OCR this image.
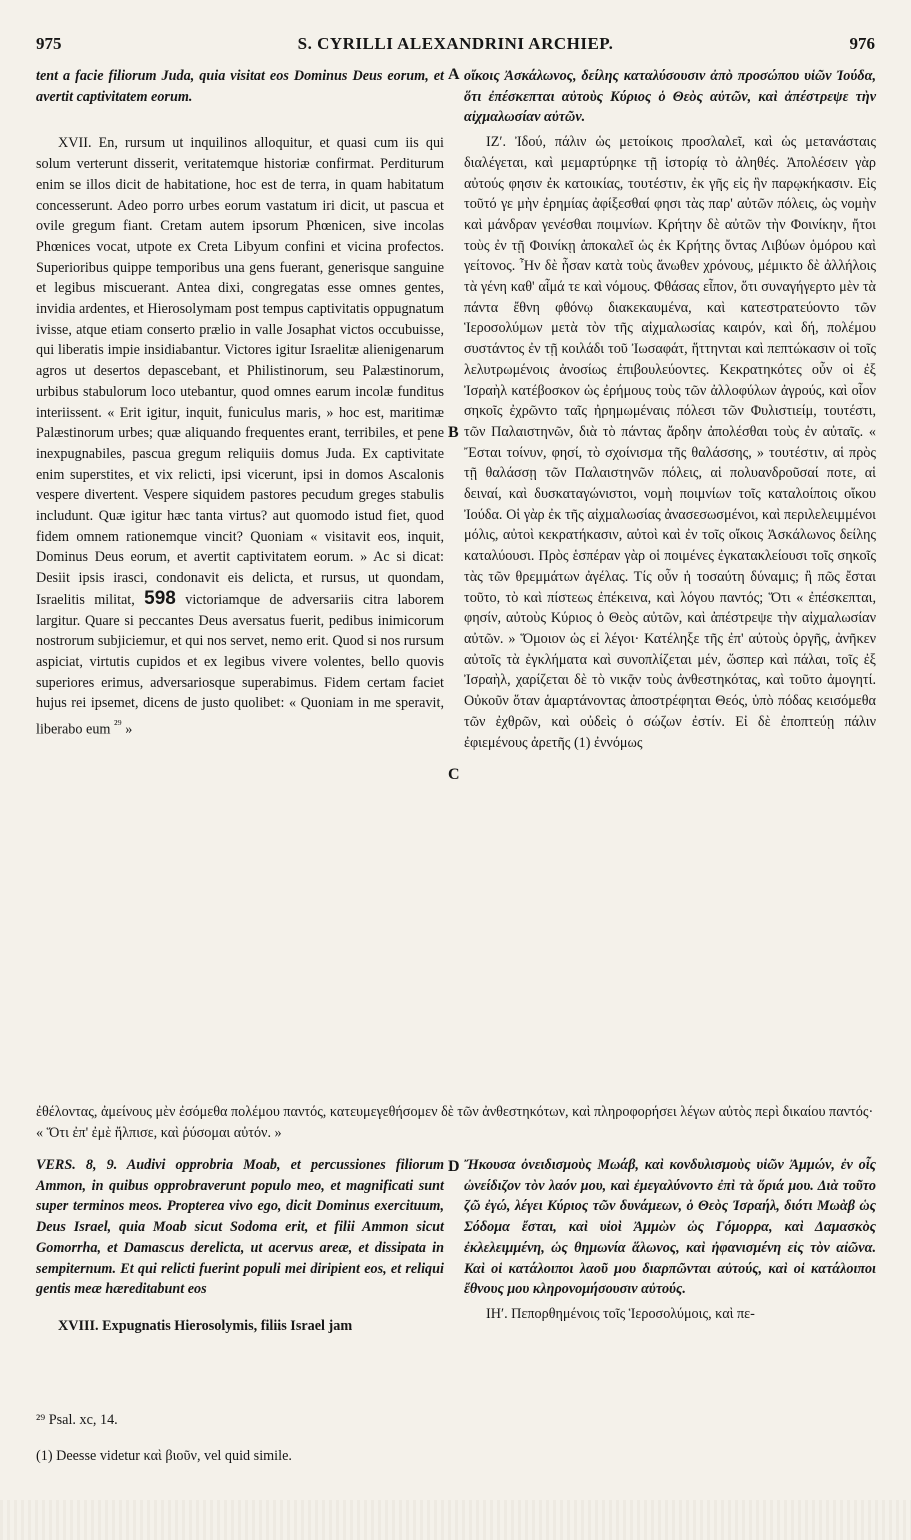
975	S. CYRILLI ALEXANDRINI ARCHIEP.	976

tent a facie filiorum Juda, quia visitat eos Dominus Deus eorum, et avertit captivitatem eorum.

XVII. En, rursum ut inquilinos alloquitur, et quasi cum iis qui solum verterunt disserit, veritatemque historiæ confirmat. Perditurum enim se illos dicit de habitatione, hoc est de terra, in quam habitatum concesserunt. Adeo porro urbes eorum vastatum iri dicit, ut pascua et ovile gregum fiant. Cretam autem ipsorum Phœnicen, sive incolas Phœnices vocat, utpote ex Creta Libyum confini et vicina profectos. Superioribus quippe temporibus una gens fuerant, generisque sanguine et legibus miscuerant. Antea dixi, congregatas esse omnes gentes, invidia ardentes, et Hierosolymam post tempus captivitatis oppugnatum ivisse, atque etiam conserto prælio in valle Josaphat victos occubuisse, qui liberatis impie insidiabantur. Victores igitur Israelitæ alienigenarum agros ut desertos depascebant, et Philistinorum, seu Palæstinorum, urbibus stabulorum loco utebantur, quod omnes earum incolæ funditus interiissent. « Erit igitur, inquit, funiculus maris, » hoc est, maritimæ Palæstinorum urbes; quæ aliquando frequentes erant, terribiles, et pene inexpugnabiles, pascua gregum reliquiis domus Juda. Ex captivitate enim superstites, et vix relicti, ipsi vicerunt, ipsi in domos Ascalonis vespere divertent. Vespere siquidem pastores pecudum greges stabulis includunt. Quæ igitur hæc tanta virtus? aut quomodo istud fiet, quod fidem omnem rationemque vincit? Quoniam « visitavit eos, inquit, Dominus Deus eorum, et avertit captivitatem eorum. » Ac si dicat: Desiit ipsis irasci, condonavit eis delicta, et rursus, ut quondam, Israelitis militat, 598 victoriamque de adversariis citra laborem largitur. Quare si peccantes Deus aversatus fuerit, pedibus inimicorum nostrorum subjiciemur, et qui nos servet, nemo erit. Quod si nos rursum aspiciat, virtutis cupidos et ex legibus vivere volentes, bello quovis superiores erimus, adversariosque superabimus. Fidem certam faciet hujus rei ipsemet, dicens de justo quolibet: « Quoniam in me speravit, liberabo eum $^{^{29}}$ »

οἴκοις Ἀσκάλωνος, δείλης καταλύσουσιν ἀπὸ προσώπου υἱῶν Ἰούδα, ὅτι ἐπέσκεπται αὐτοὺς Κύριος ὁ Θεὸς αὐτῶν, καὶ ἀπέστρεψε τὴν αἰχμαλωσίαν αὐτῶν.

ΙΖʹ. Ἰδού, πάλιν ὡς μετοίκοις προσλαλεῖ, καὶ ὡς μετανάσταις διαλέγεται, καὶ μεμαρτύρηκε τῇ ἱστορίᾳ τὸ ἀληθές. Ἀπολέσειν γὰρ αὐτούς φησιν ἐκ κατοικίας, τουτέστιν, ἐκ γῆς εἰς ἣν παρῳκήκασιν. Εἰς τοῦτό γε μὴν ἐρημίας ἀφίξεσθαί φησι τὰς παρ' αὐτῶν πόλεις, ὡς νομὴν καὶ μάνδραν γενέσθαι ποιμνίων. Κρήτην δὲ αὐτῶν τὴν Φοινίκην, ἤτοι τοὺς ἐν τῇ Φοινίκῃ ἀποκαλεῖ ὡς ἐκ Κρήτης ὄντας Λιβύων ὁμόρου καὶ γείτονος. Ἦν δὲ ἦσαν κατὰ τοὺς ἄνωθεν χρόνους, μέμικτο δὲ ἀλλήλοις τὰ γένη καθ' αἷμά τε καὶ νόμους. Φθάσας εἶπον, ὅτι συναγήγερτο μὲν τὰ πάντα ἔθνη φθόνῳ διακεκαυμένα, καὶ κατεστρατεύοντο τῶν Ἱεροσολύμων μετὰ τὸν τῆς αἰχμαλωσίας καιρόν, καὶ δή, πολέμου συστάντος ἐν τῇ κοιλάδι τοῦ Ἰωσαφάτ, ἥττηνται καὶ πεπτώκασιν οἱ τοῖς λελυτρωμένοις ἀνοσίως ἐπιβουλεύοντες. Κεκρατηκότες οὖν οἱ ἐξ Ἰσραὴλ κατέβοσκον ὡς ἐρήμους τοὺς τῶν ἀλλοφύλων ἀγρούς, καὶ οἷον σηκοῖς ἐχρῶντο ταῖς ἠρημωμέναις πόλεσι τῶν Φυλιστιείμ, τουτέστι, τῶν Παλαιστηνῶν, διὰ τὸ πάντας ἄρδην ἀπολέσθαι τοὺς ἐν αὐταῖς. « Ἔσται τοίνυν, φησί, τὸ σχοίνισμα τῆς θαλάσσης, » τουτέστιν, αἱ πρὸς τῇ θαλάσσῃ τῶν Παλαιστηνῶν πόλεις, αἱ πολυανδροῦσαί ποτε, αἱ δειναί, καὶ δυσκαταγώνιστοι, νομὴ ποιμνίων τοῖς καταλοίποις οἴκου Ἰούδα. Οἱ γὰρ ἐκ τῆς αἰχμαλωσίας ἀνασεσωσμένοι, καὶ περιλελειμμένοι μόλις, αὐτοὶ κεκρατήκασιν, αὐτοὶ καὶ ἐν τοῖς οἴκοις Ἀσκάλωνος δείλης καταλύουσι. Πρὸς ἑσπέραν γὰρ οἱ ποιμένες ἐγκατακλείουσι τοῖς σηκοῖς τὰς τῶν θρεμμάτων ἀγέλας. Τίς οὖν ἡ τοσαύτη δύναμις; ἢ πῶς ἔσται τοῦτο, τὸ καὶ πίστεως ἐπέκεινα, καὶ λόγου παντός; Ὅτι « ἐπέσκεπται, φησίν, αὐτοὺς Κύριος ὁ Θεὸς αὐτῶν, καὶ ἀπέστρεψε τὴν αἰχμαλωσίαν αὐτῶν. » Ὅμοιον ὡς εἰ λέγοι· Κατέληξε τῆς ἐπ' αὐτοὺς ὀργῆς, ἀνῆκεν αὐτοῖς τὰ ἐγκλήματα καὶ συνοπλίζεται μέν, ὥσπερ καὶ πάλαι, τοῖς ἐξ Ἰσραὴλ, χαρίζεται δὲ τὸ νικᾷν τοὺς ἀνθεστηκότας, καὶ τοῦτο ἀμογητί. Οὐκοῦν ὅταν ἁμαρτάνοντας ἀποστρέφηται Θεός, ὑπὸ πόδας κεισόμεθα τῶν ἐχθρῶν, καὶ οὐδεὶς ὁ σώζων ἐστίν. Εἰ δὲ ἐποπτεύῃ πάλιν ἐφιεμένους ἀρετῆς (1) ἐννόμως

ἐθέλοντας, ἀμείνους μὲν ἐσόμεθα πολέμου παντός, κατευμεγεθήσομεν δὲ τῶν ἀνθεστηκότων, καὶ πληροφορήσει λέγων αὐτὸς περὶ δικαίου παντός· « Ὅτι ἐπ' ἐμὲ ἤλπισε, καὶ ῥύσομαι αὐτόν. »

VERS. 8, 9. Audivi opprobria Moab, et percussiones filiorum Ammon, in quibus opprobraverunt populo meo, et magnificati sunt super terminos meos. Propterea vivo ego, dicit Dominus exercituum, Deus Israel, quia Moab sicut Sodoma erit, et filii Ammon sicut Gomorrha, et Damascus derelicta, ut acervus areæ, et dissipata in sempiternum. Et qui relicti fuerint populi mei diripient eos, et reliqui gentis meæ hæreditabunt eos

XVIII. Expugnatis Hierosolymis, filiis Israel jam

Ἤκουσα ὀνειδισμοὺς Μωάβ, καὶ κονδυλισμοὺς υἱῶν Ἀμμών, ἐν οἷς ὠνείδιζον τὸν λαόν μου, καὶ ἐμεγαλύνοντο ἐπὶ τὰ ὅριά μου. Διὰ τοῦτο ζῶ ἐγώ, λέγει Κύριος τῶν δυνάμεων, ὁ Θεὸς Ἰσραήλ, διότι Μωὰβ ὡς Σόδομα ἔσται, καὶ υἱοὶ Ἀμμὼν ὡς Γόμορρα, καὶ Δαμασκὸς ἐκλελειμμένη, ὡς θημωνία ἅλωνος, καὶ ἠφανισμένη εἰς τὸν αἰῶνα. Καὶ οἱ κατάλοιποι λαοῦ μου διαρπῶνται αὐτούς, καὶ οἱ κατάλοιποι ἔθνους μου κληρονομήσουσιν αὐτούς.

ΙΗʹ. Πεπορθημένοις τοῖς Ἱεροσολύμοις, καὶ πε-

²⁹ Psal. xc, 14.
(1) Deesse videtur καὶ βιοῦν, vel quid simile.
A
B
C
D
